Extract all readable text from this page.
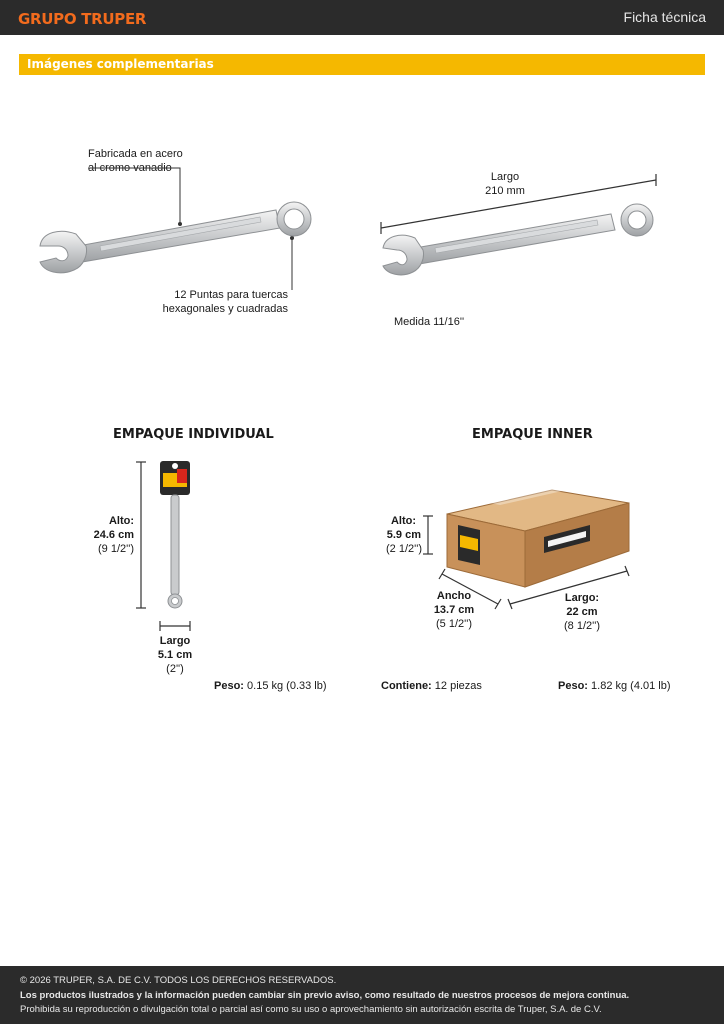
GRUPO TRUPER	Ficha técnica
Imágenes complementarias
Fabricada en acero
al cromo vanadio
12 Puntas para tuercas
hexagonales y cuadradas
Largo
210 mm
Medida 11/16''
EMPAQUE INDIVIDUAL
Alto:
24.6 cm
(9 1/2'')
Largo
5.1 cm
(2'')
Peso: 0.15 kg (0.33 lb)
EMPAQUE INNER
Alto:
5.9 cm
(2 1/2'')
Ancho
13.7 cm
(5 1/2'')
Largo:
22 cm
(8 1/2'')
Contiene: 12 piezas	Peso: 1.82 kg (4.01 lb)
© 2026 TRUPER, S.A. DE C.V. TODOS LOS DERECHOS RESERVADOS.
Los productos ilustrados y la información pueden cambiar sin previo aviso, como resultado de nuestros procesos de mejora continua.
Prohibida su reproducción o divulgación total o parcial así como su uso o aprovechamiento sin autorización escrita de Truper, S.A. de C.V.
